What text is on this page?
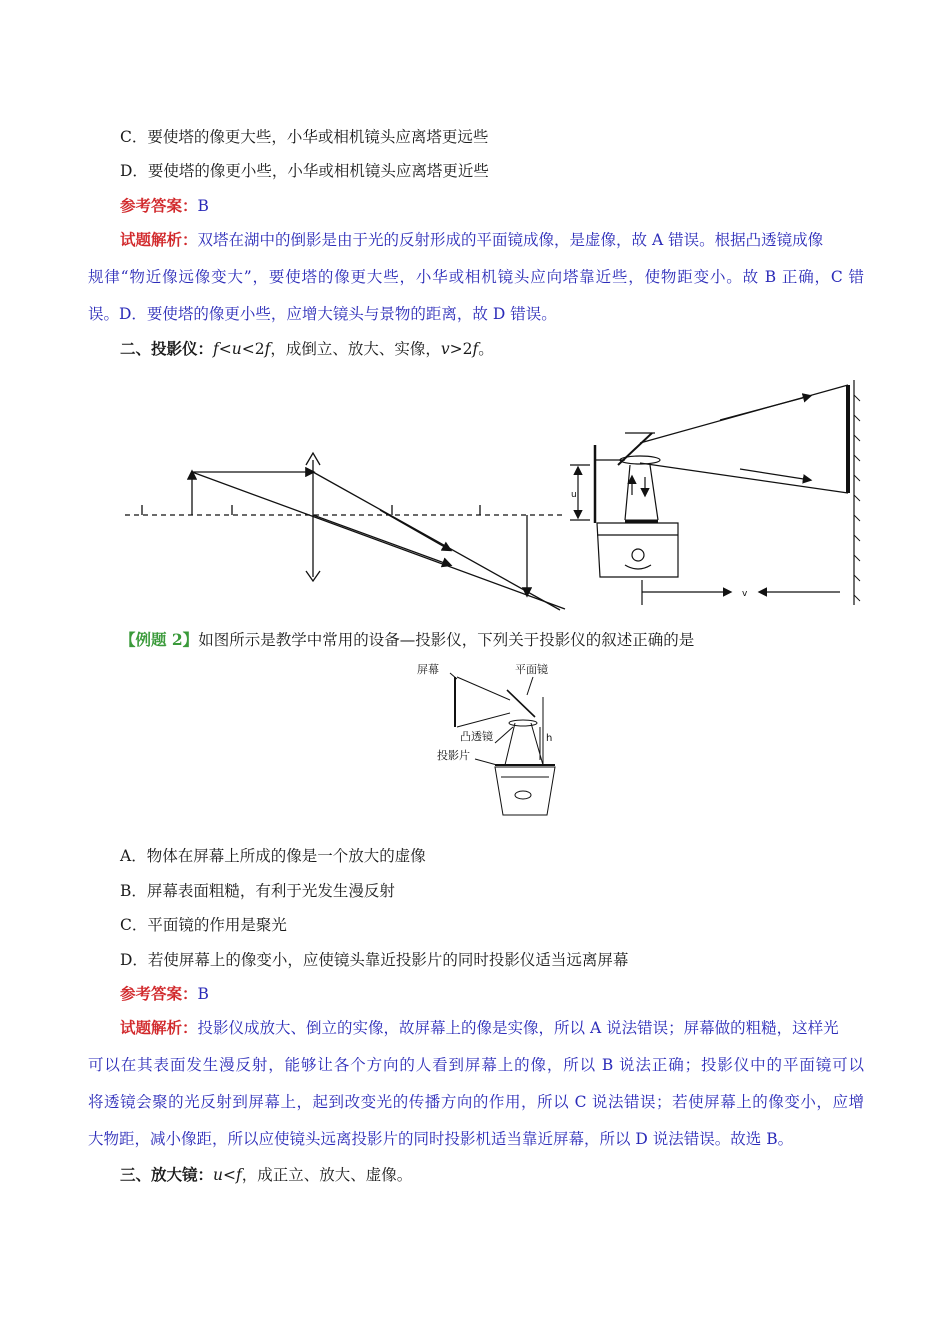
C．要使塔的像更大些，小华或相机镜头应离塔更远些
D．要使塔的像更小些，小华或相机镜头应离塔更近些
参考答案：B
试题解析：双塔在湖中的倒影是由于光的反射形成的平面镜成像，是虚像，故 A 错误。根据凸透镜成像
规律“物近像远像变大”，要使塔的像更大些，小华或相机镜头应向塔靠近些，使物距变小。故 B 正确，C 错
误。D．要使塔的像更小些，应增大镜头与景物的距离，故 D 错误。
二、投影仪：f<u<2f，成倒立、放大、实像，v>2f。
u
v
【例题 2】如图所示是教学中常用的设备—投影仪，下列关于投影仪的叙述正确的是
屏幕	平面镜
凸透镜
投影片
h
A．物体在屏幕上所成的像是一个放大的虚像
B．屏幕表面粗糙，有利于光发生漫反射
C．平面镜的作用是聚光
D．若使屏幕上的像变小，应使镜头靠近投影片的同时投影仪适当远离屏幕
参考答案：B
试题解析：投影仪成放大、倒立的实像，故屏幕上的像是实像，所以 A 说法错误；屏幕做的粗糙，这样光
可以在其表面发生漫反射，能够让各个方向的人看到屏幕上的像，所以 B 说法正确；投影仪中的平面镜可以
将透镜会聚的光反射到屏幕上，起到改变光的传播方向的作用，所以 C 说法错误；若使屏幕上的像变小，应增
大物距，减小像距，所以应使镜头远离投影片的同时投影机适当靠近屏幕，所以 D 说法错误。故选 B。
三、放大镜：u<f，成正立、放大、虚像。
